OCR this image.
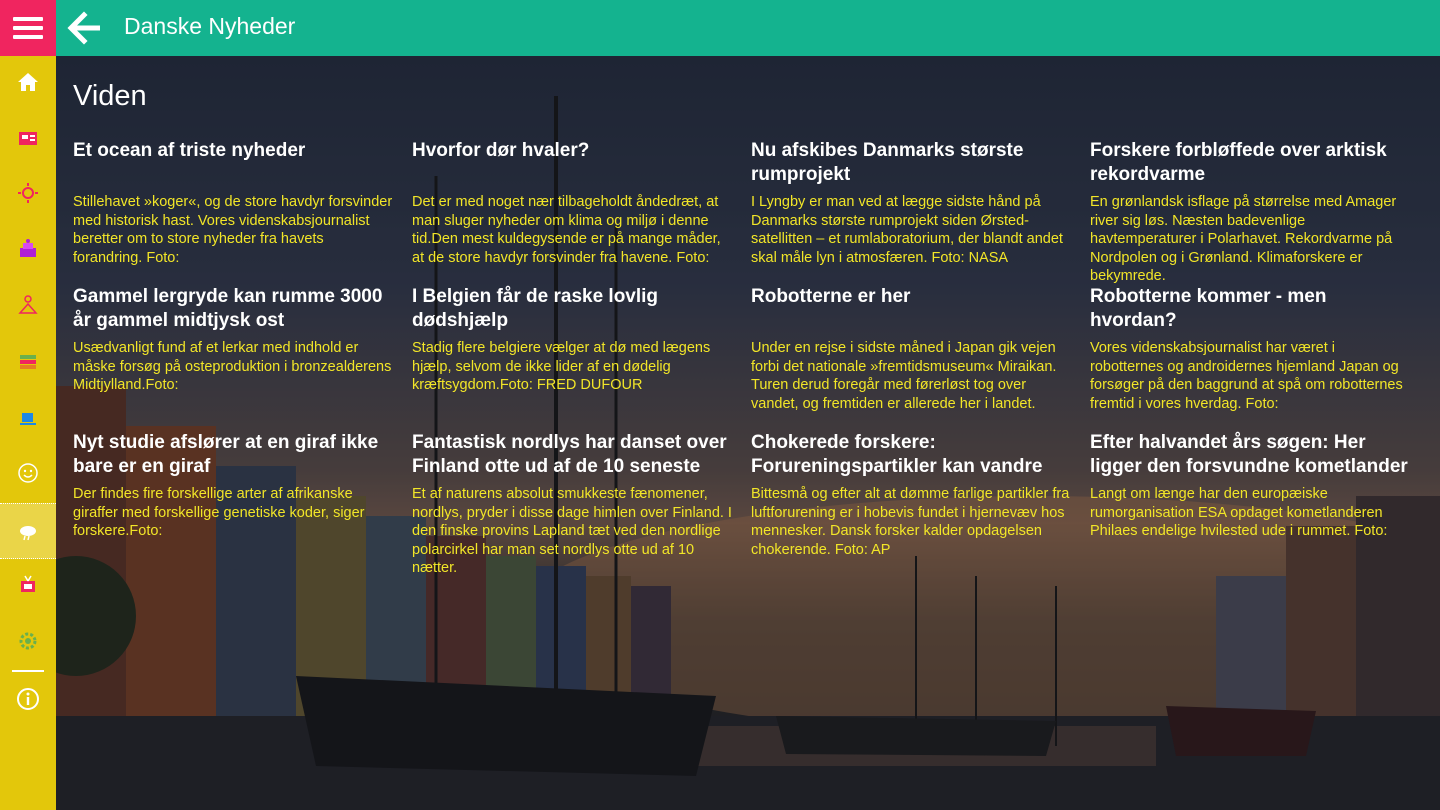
Danske Nyheder
Viden
Et ocean af triste nyheder

Stillehavet »koger«, og de store havdyr forsvinder med historisk hast. Vores videnskabsjournalist beretter om to store nyheder fra havets forandring. Foto:

Hvorfor dør hvaler?

Det er med noget nær tilbageholdt åndedræt, at man sluger nyheder om klima og miljø i denne tid.Den mest kuldegysende er på mange måder, at de store havdyr forsvinder fra havene. Foto:

Nu afskibes Danmarks største rumprojekt

I Lyngby er man ved at lægge sidste hånd på Danmarks største rumprojekt siden Ørsted-satellitten – et rumlaboratorium, der blandt andet skal måle lyn i atmosfæren. Foto: NASA

Forskere forbløffede over arktisk rekordvarme

En grønlandsk isflage på størrelse med Amager river sig løs. Næsten badevenlige havtemperaturer i Polarhavet. Rekordvarme på Nordpolen og i Grønland. Klimaforskere er bekymrede.

Gammel lergryde kan rumme 3000 år gammel midtjysk ost

Usædvanligt fund af et lerkar med indhold er måske forsøg på osteproduktion i bronzealderens Midtjylland.Foto:

I Belgien får de raske lovlig dødshjælp

Stadig flere belgiere vælger at dø med lægens hjælp, selvom de ikke lider af en dødelig kræftsygdom.Foto: FRED DUFOUR

Robotterne er her

Under en rejse i sidste måned i Japan gik vejen forbi det nationale »fremtidsmuseum« Miraikan. Turen derud foregår med førerløst tog over vandet, og fremtiden er allerede her i landet.

Robotterne kommer - men hvordan?

Vores videnskabsjournalist har været i robotternes og androidernes hjemland Japan og forsøger på den baggrund at spå om robotternes fremtid i vores hverdag. Foto:

Nyt studie afslører at en giraf ikke bare er en giraf

Der findes fire forskellige arter af afrikanske giraffer med forskellige genetiske koder, siger forskere.Foto:

Fantastisk nordlys har danset over Finland otte ud af de 10 seneste

Et af naturens absolut smukkeste fænomener, nordlys, pryder i disse dage himlen over Finland. I den finske provins Lapland tæt ved den nordlige polarcirkel har man set nordlys otte ud af 10 nætter.

Chokerede forskere: Forureningspartikler kan vandre

Bittesmå og efter alt at dømme farlige partikler fra luftforurening er i hobevis fundet i hjernevæv hos mennesker. Dansk forsker kalder opdagelsen chokerende. Foto: AP

Efter halvandet års søgen: Her ligger den forsvundne kometlander

Langt om længe har den europæiske rumorganisation ESA opdaget kometlanderen Philaes endelige hvilested ude i rummet. Foto:
